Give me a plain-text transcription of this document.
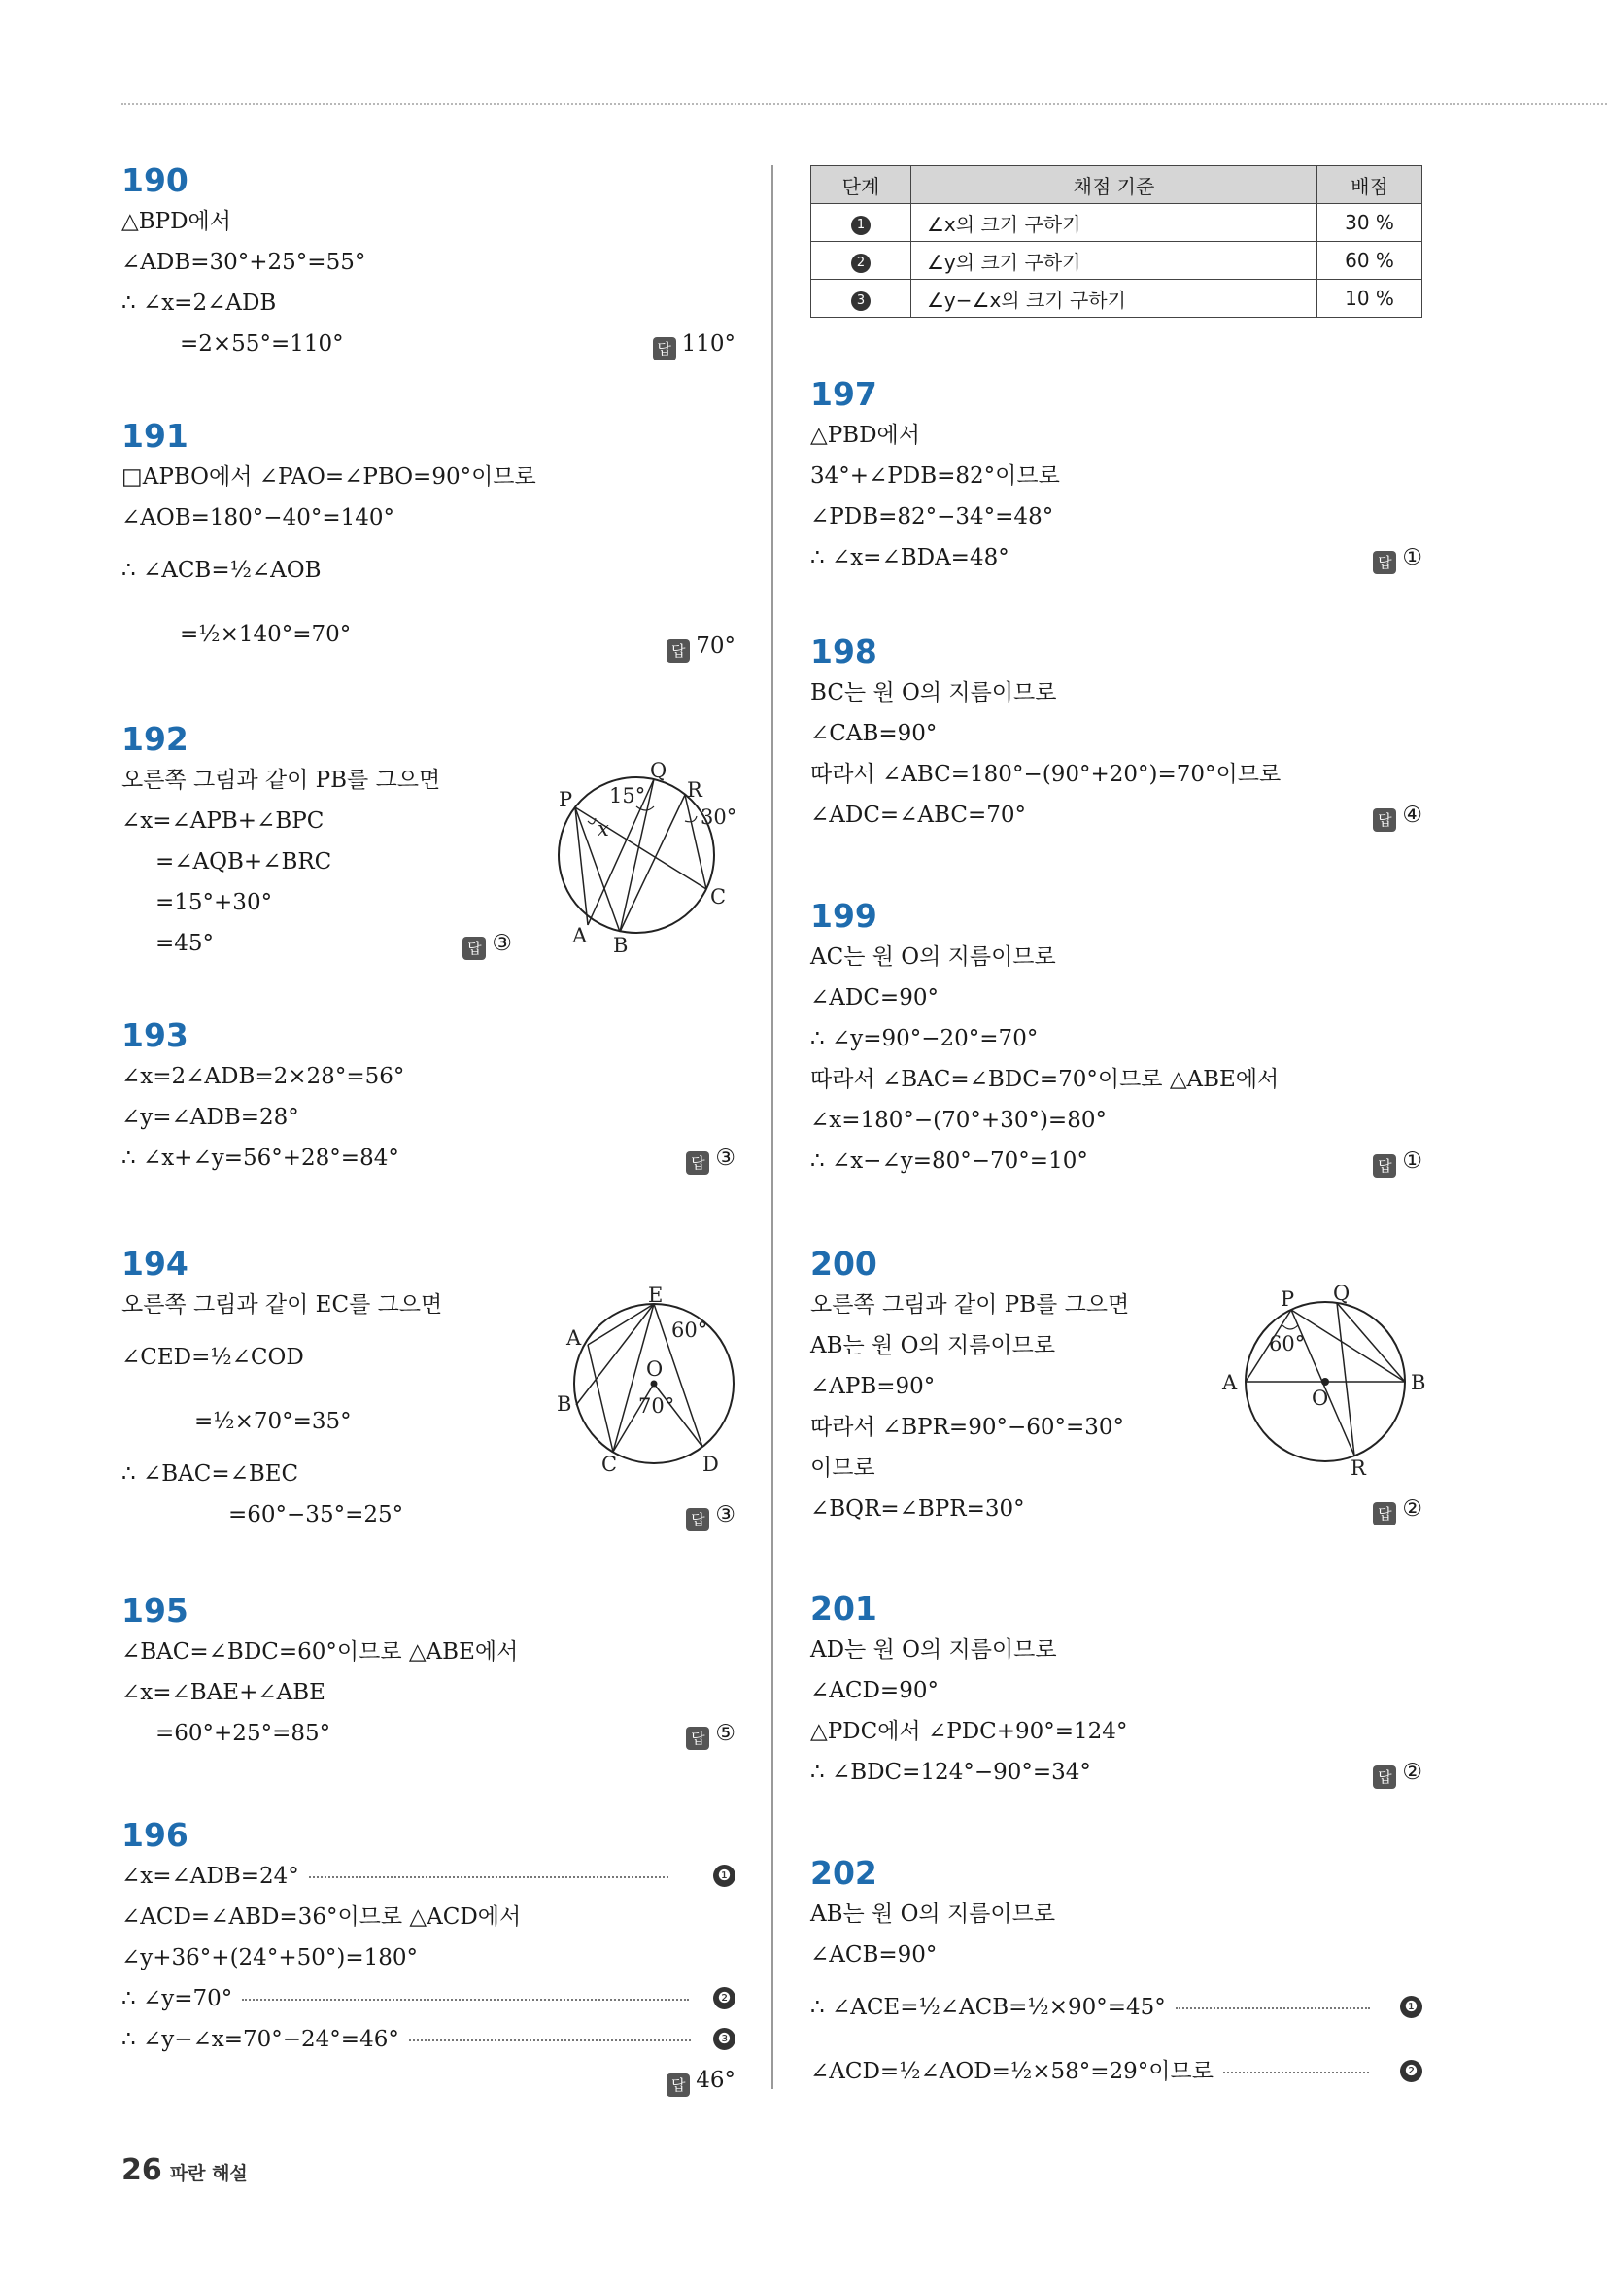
190
△BPD에서
∠ADB=30°+25°=55°
∴ ∠x=2∠ADB
=2×55°=110°	답 110°
191
□APBO에서 ∠PAO=∠PBO=90°이므로
∠AOB=180°−40°=140°
∴ ∠ACB=½∠AOB
=½×140°=70°
답 70°
192
오른쪽 그림과 같이 PB를 그으면
∠x=∠APB+∠BPC
=∠AQB+∠BRC
=15°+30°
=45°	답 ③
P
Q
R
A B
C
x
15°
30°
193
∠x=2∠ADB=2×28°=56°
∠y=∠ADB=28°
∴ ∠x+∠y=56°+28°=84°	답 ③
194
오른쪽 그림과 같이 EC를 그으면
∠CED=½∠COD
=½×70°=35°
∴ ∠BAC=∠BEC
=60°−35°=25°	답 ③
E
A
O
B
C	D
60°
70°
195
∠BAC=∠BDC=60°이므로 △ABE에서
∠x=∠BAE+∠ABE
=60°+25°=85°	답 ⑤
196
∠x=∠ADB=24°	❶
∠ACD=∠ABD=36°이므로 △ACD에서
∠y+36°+(24°+50°)=180°
∴ ∠y=70°	❷
∴ ∠y−∠x=70°−24°=46°	❸
답 46°
단계	채점 기준	배점
1	∠x의 크기 구하기	30 %
2	∠y의 크기 구하기	60 %
3	∠y−∠x의 크기 구하기	10 %
197
△PBD에서
34°+∠PDB=82°이므로
∠PDB=82°−34°=48°
∴ ∠x=∠BDA=48°	답 ①
198
BC는 원 O의 지름이므로
∠CAB=90°
따라서 ∠ABC=180°−(90°+20°)=70°이므로
∠ADC=∠ABC=70°	답 ④
199
AC는 원 O의 지름이므로
∠ADC=90°
∴ ∠y=90°−20°=70°
따라서 ∠BAC=∠BDC=70°이므로 △ABE에서
∠x=180°−(70°+30°)=80°
∴ ∠x−∠y=80°−70°=10°	답 ①
200
오른쪽 그림과 같이 PB를 그으면
AB는 원 O의 지름이므로
∠APB=90°
따라서 ∠BPR=90°−60°=30°
이므로
∠BQR=∠BPR=30°	답 ②
P Q
A	B
O
R
60°
201
AD는 원 O의 지름이므로
∠ACD=90°
△PDC에서 ∠PDC+90°=124°
∴ ∠BDC=124°−90°=34°	답 ②
202
AB는 원 O의 지름이므로
∠ACB=90°
∴ ∠ACE=½∠ACB=½×90°=45°	❶
∠ACD=½∠AOD=½×58°=29°이므로	❷
26 파란 해설
